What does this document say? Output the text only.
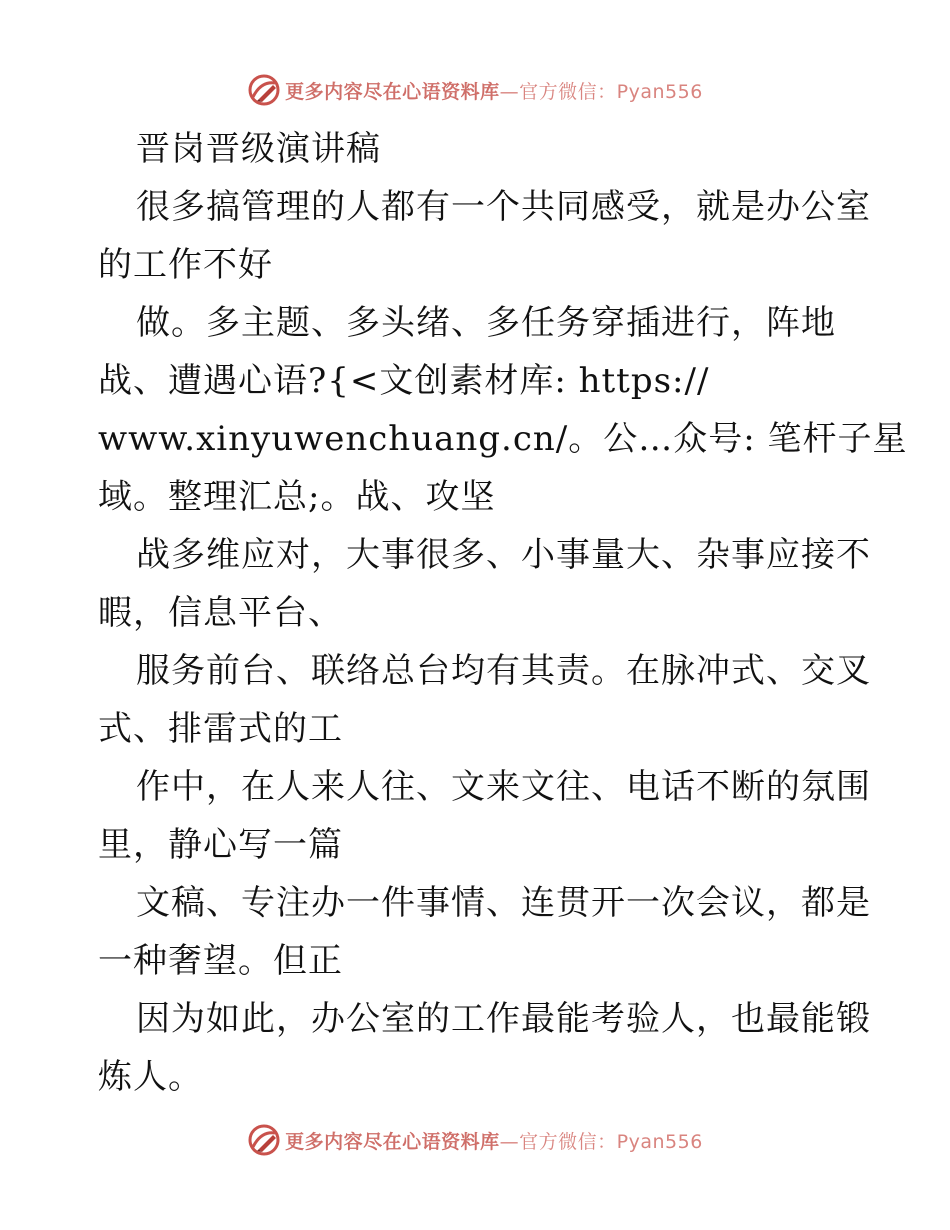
更多内容尽在心语资料库—官方微信：Pyan556
晋岗晋级演讲稿
很多搞管理的人都有一个共同感受，就是办公室
的工作不好
做。多主题、多头绪、多任务穿插进行，阵地
战、遭遇心语?{<文创素材库: https://
www.xinyuwenchuang.cn/。公…众号: 笔杆子星
域。整理汇总;。战、攻坚
战多维应对，大事很多、小事量大、杂事应接不
暇，信息平台、
服务前台、联络总台均有其责。在脉冲式、交叉
式、排雷式的工
作中，在人来人往、文来文往、电话不断的氛围
里，静心写一篇
文稿、专注办一件事情、连贯开一次会议，都是
一种奢望。但正
因为如此，办公室的工作最能考验人，也最能锻
炼人。
更多内容尽在心语资料库—官方微信：Pyan556
